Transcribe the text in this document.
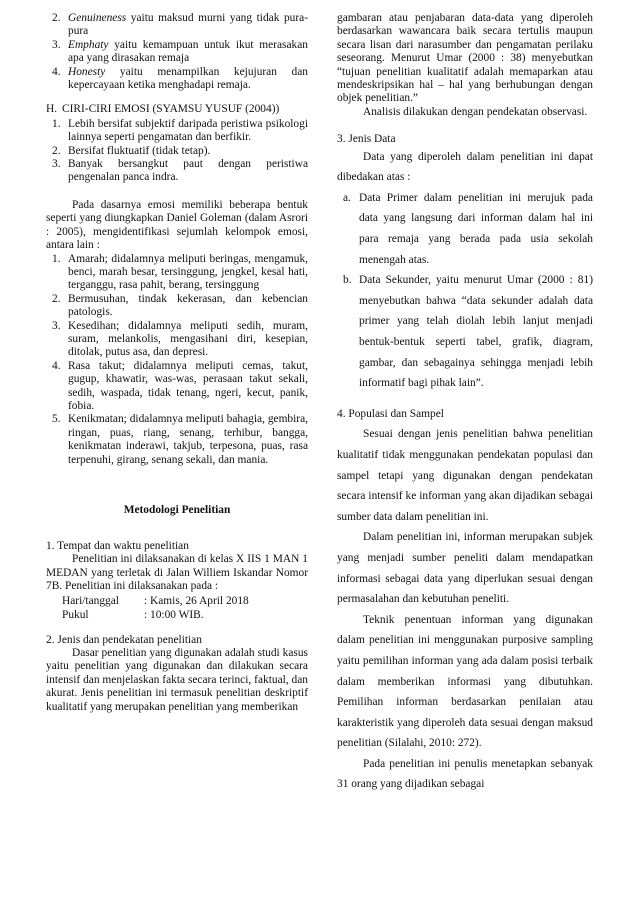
2. Genuineness yaitu maksud murni yang tidak pura-pura
3. Emphaty yaitu kemampuan untuk ikut merasakan apa yang dirasakan remaja
4. Honesty yaitu menampilkan kejujuran dan kepercayaan ketika menghadapi remaja.
H. CIRI-CIRI EMOSI (SYAMSU YUSUF (2004))
1. Lebih bersifat subjektif daripada peristiwa psikologi lainnya seperti pengamatan dan berfikir.
2. Bersifat fluktuatif (tidak tetap).
3. Banyak bersangkut paut dengan peristiwa pengenalan panca indra.

Pada dasarnya emosi memiliki beberapa bentuk seperti yang diungkapkan Daniel Goleman (dalam Asrori : 2005), mengidentifikasi sejumlah kelompok emosi, antara lain :

1. Amarah; didalamnya meliputi beringas, mengamuk, benci, marah besar, tersinggung, jengkel, kesal hati, terganggu, rasa pahit, berang, tersinggung
2. Bermusuhan, tindak kekerasan, dan kebencian patologis.
3. Kesedihan; didalamnya meliputi sedih, muram, suram, melankolis, mengasihani diri, kesepian, ditolak, putus asa, dan depresi.
4. Rasa takut; didalamnya meliputi cemas, takut, gugup, khawatir, was-was, perasaan takut sekali, sedih, waspada, tidak tenang, ngeri, kecut, panik, fobia.
5. Kenikmatan; didalamnya meliputi bahagia, gembira, ringan, puas, riang, senang, terhibur, bangga, kenikmatan inderawi, takjub, terpesona, puas, rasa terpenuhi, girang, senang sekali, dan mania.

Metodologi Penelitian

1. Tempat dan waktu penelitian

Penelitian ini dilaksanakan di kelas X IIS 1 MAN 1 MEDAN yang terletak di Jalan Williem Iskandar Nomor 7B. Penelitian ini dilaksanakan pada :

Hari/tanggal	: Kamis, 26 April 2018
Pukul	: 10:00 WIB.

2. Jenis dan pendekatan penelitian

Dasar penelitian yang digunakan adalah studi kasus yaitu penelitian yang digunakan dan dilakukan secara intensif dan menjelaskan fakta secara terinci, faktual, dan akurat. Jenis penelitian ini termasuk penelitian deskriptif kualitatif yang merupakan penelitian yang memberikan

gambaran atau penjabaran data-data yang diperoleh berdasarkan wawancara baik secara tertulis maupun secara lisan dari narasumber dan pengamatan perilaku seseorang. Menurut Umar (2000 : 38) menyebutkan “tujuan penelitian kualitatif adalah memaparkan atau mendeskripsikan hal – hal yang berhubungan dengan objek penelitian.”

Analisis dilakukan dengan pendekatan observasi.

3. Jenis Data

Data yang diperoleh dalam penelitian ini dapat dibedakan atas :

a. Data Primer dalam penelitian ini merujuk pada data yang langsung dari informan dalam hal ini para remaja yang berada pada usia sekolah menengah atas.
b. Data Sekunder, yaitu menurut Umar (2000 : 81) menyebutkan bahwa “data sekunder adalah data primer yang telah diolah lebih lanjut menjadi bentuk-bentuk seperti tabel, grafik, diagram, gambar, dan sebagainya sehingga menjadi lebih informatif bagi pihak lain”.

4. Populasi dan Sampel

Sesuai dengan jenis penelitian bahwa penelitian kualitatif tidak menggunakan pendekatan populasi dan sampel tetapi yang digunakan dengan pendekatan secara intensif ke informan yang akan dijadikan sebagai sumber data dalam penelitian ini.

Dalam penelitian ini, informan merupakan subjek yang menjadi sumber peneliti dalam mendapatkan informasi sebagai data yang diperlukan sesuai dengan permasalahan dan kebutuhan peneliti.

Teknik penentuan informan yang digunakan dalam penelitian ini menggunakan purposive sampling yaitu pemilihan informan yang ada dalam posisi terbaik dalam memberikan informasi yang dibutuhkan. Pemilihan informan berdasarkan penilaian atau karakteristik yang diperoleh data sesuai dengan maksud penelitian (Silalahi, 2010: 272).

Pada penelitian ini penulis menetapkan sebanyak 31 orang yang dijadikan sebagai
